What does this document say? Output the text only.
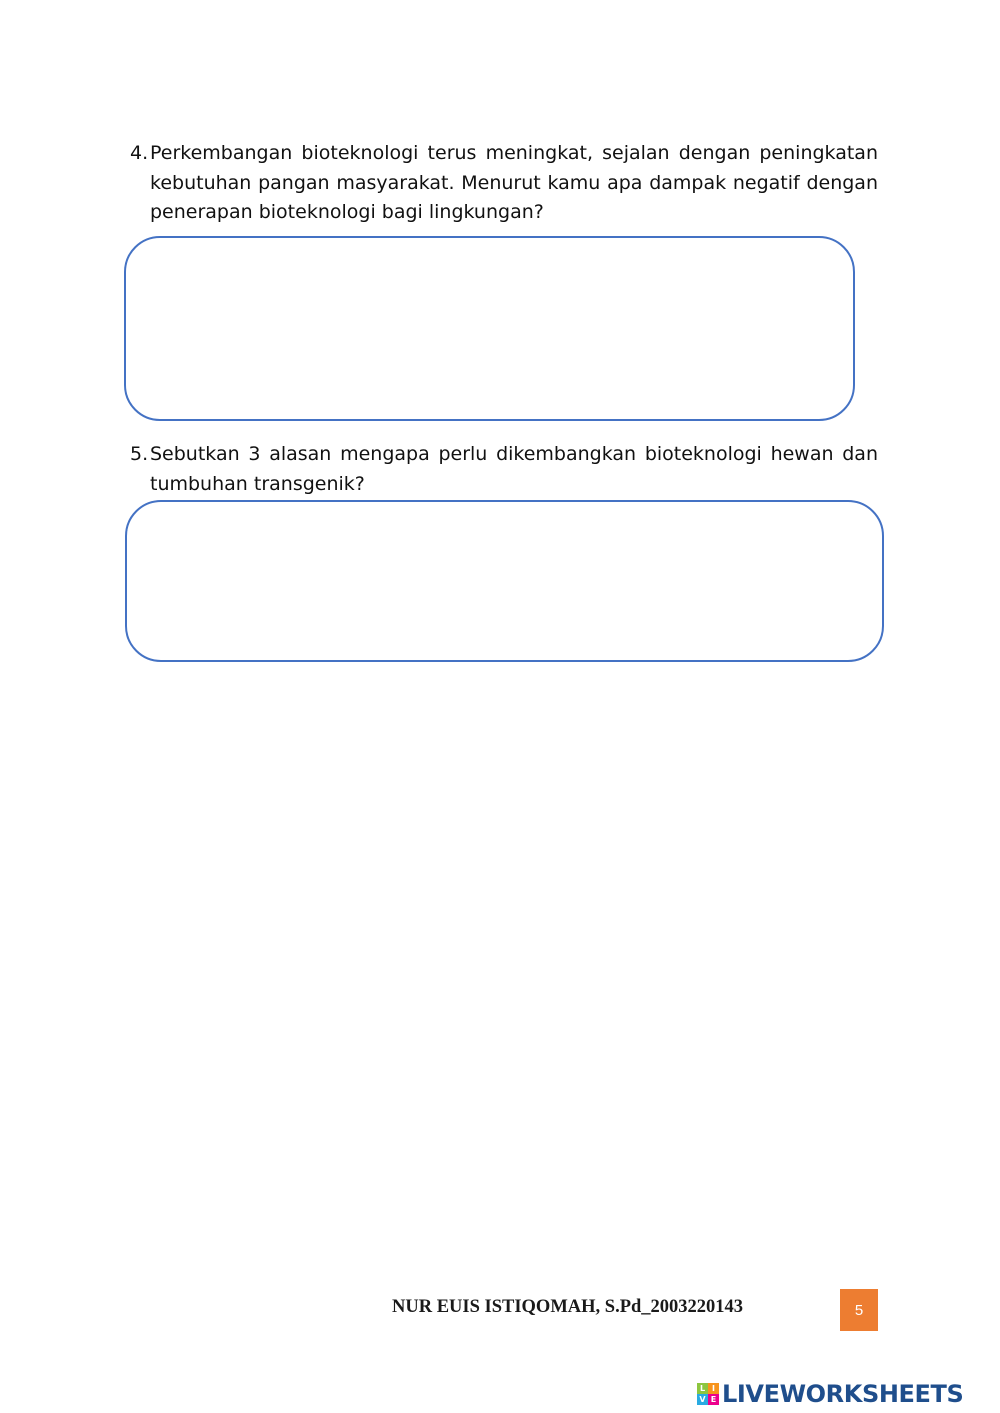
4. Perkembangan bioteknologi terus meningkat, sejalan dengan peningkatan kebutuhan pangan masyarakat. Menurut kamu apa dampak negatif dengan penerapan bioteknologi bagi lingkungan?
5. Sebutkan 3 alasan mengapa perlu dikembangkan bioteknologi hewan dan tumbuhan transgenik?
NUR EUIS ISTIQOMAH, S.Pd_2003220143	5
L I
V E LIVEWORKSHEETS
